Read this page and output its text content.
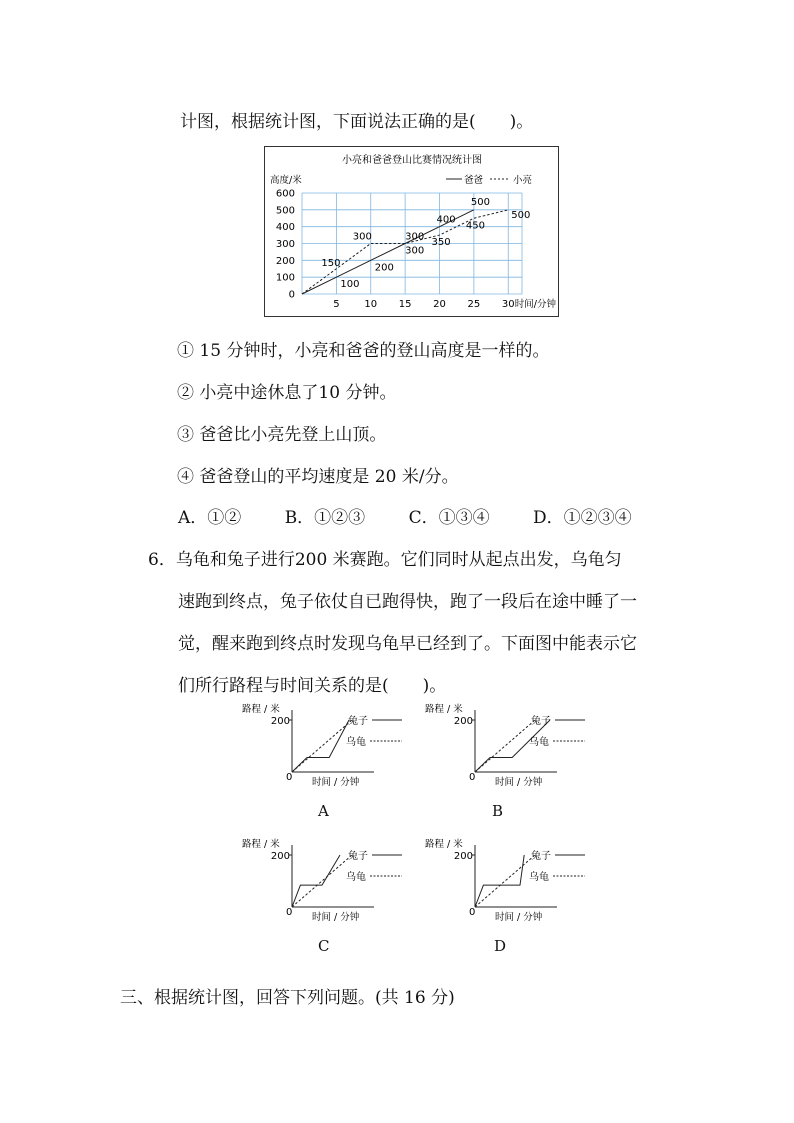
计图，根据统计图，下面说法正确的是(　　)。
小亮和爸爸登山比赛情况统计图
高度/米	爸爸	小亮
0
100
200
300
400
500
600
5 10 15 20 25 30 时间/分钟
100
200
300
400
500
150
300	300
350
450
500
① 15 分钟时，小亮和爸爸的登山高度是一样的。
② 小亮中途休息了10 分钟。
③ 爸爸比小亮先登上山顶。
④ 爸爸登山的平均速度是 20 米/分。
A．①②	B．①②③	C．①③④	D．①②③④
6．乌龟和兔子进行200 米赛跑。它们同时从起点出发，乌龟匀
速跑到终点，兔子依仗自已跑得快，跑了一段后在途中睡了一
觉，醒来跑到终点时发现乌龟早已经到了。下面图中能表示它
们所行路程与时间关系的是(　　)。
路程 / 米
200
0 时间 / 分钟
兔子
乌龟
A
路程 / 米
200
0 时间 / 分钟
兔子
乌龟
B
路程 / 米
200
0 时间 / 分钟
兔子
乌龟
C
路程 / 米
200
0 时间 / 分钟
兔子
乌龟
D
三、根据统计图，回答下列问题。(共 16 分)
